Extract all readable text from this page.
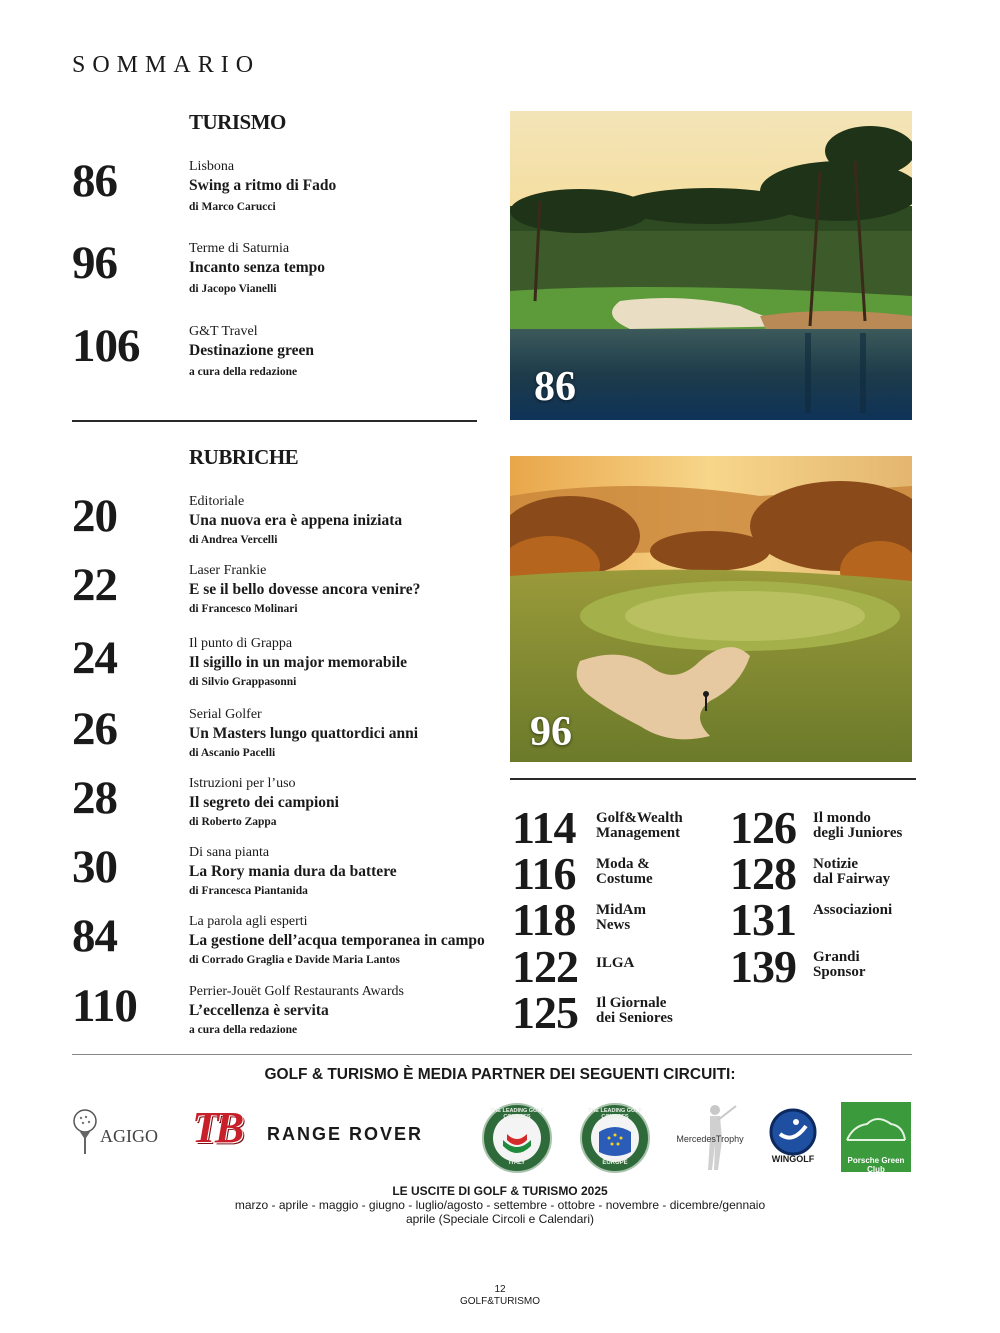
SOMMARIO
TURISMO
86	Lisbona
Swing a ritmo di Fado
di Marco Carucci
96	Terme di Saturnia
Incanto senza tempo
di Jacopo Vianelli
106	G&T Travel
Destinazione green
a cura della redazione
RUBRICHE
20	Editoriale
Una nuova era è appena iniziata
di Andrea Vercelli
22	Laser Frankie
E se il bello dovesse ancora venire?
di Francesco Molinari
24	Il punto di Grappa
Il sigillo in un major memorabile
di Silvio Grappasonni
26	Serial Golfer
Un Masters lungo quattordici anni
di Ascanio Pacelli
28	Istruzioni per l’uso
Il segreto dei campioni
di Roberto Zappa
30	Di sana pianta
La Rory mania dura da battere
di Francesca Piantanida
84	La parola agli esperti
La gestione dell’acqua temporanea in campo
di Corrado Graglia e Davide Maria Lantos
110	Perrier-Jouët Golf Restaurants Awards
L’eccellenza è servita
a cura della redazione
86
96
114 Golf&Wealth
Management
116 Moda &
Costume
118 MidAm
News
122 ILGA
125 Il Giornale
dei Seniores
126 Il mondo
degli Juniores
128 Notizie
dal Fairway
131 Associazioni
139 Grandi
Sponsor
GOLF & TURISMO È MEDIA PARTNER DEI SEGUENTI CIRCUITI:
AGIGO TB RANGE ROVER
THE LEADING GOLF COURSES
ITALY
THE LEADING GOLF COURSES
EUROPE
MercedesTrophy
WINGOLF	Porsche Green Club
LE USCITE DI GOLF & TURISMO 2025
marzo - aprile - maggio - giugno - luglio/agosto - settembre - ottobre - novembre - dicembre/gennaio
aprile (Speciale Circoli e Calendari)
12
GOLF&TURISMO
